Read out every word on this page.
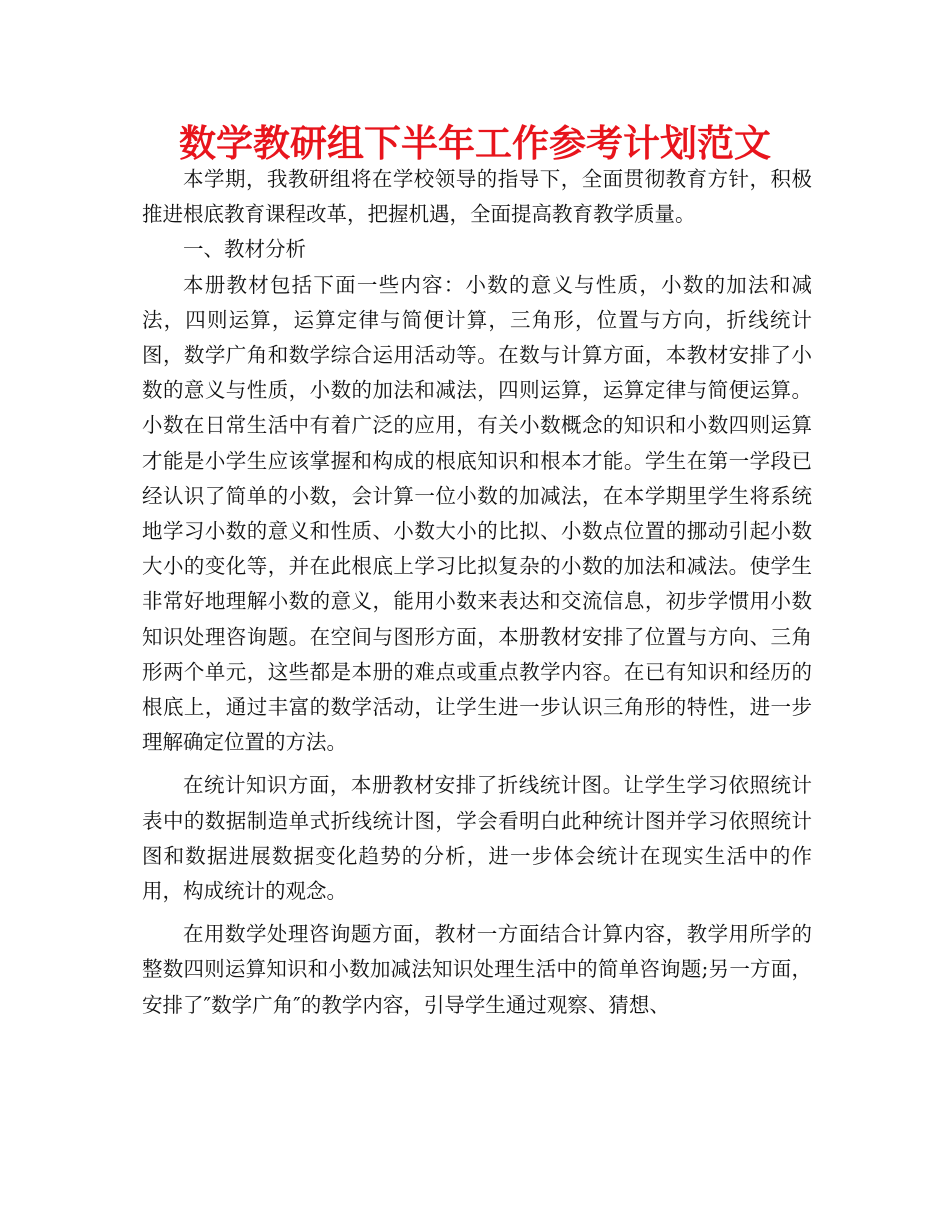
数学教研组下半年工作参考计划范文

本学期，我教研组将在学校领导的指导下，全面贯彻教育方针，积极推进根底教育课程改革，把握机遇，全面提高教育教学质量。

一、教材分析

本册教材包括下面一些内容：小数的意义与性质，小数的加法和减法，四则运算，运算定律与简便计算，三角形，位置与方向，折线统计图，数学广角和数学综合运用活动等。在数与计算方面，本教材安排了小数的意义与性质，小数的加法和减法，四则运算，运算定律与简便运算。小数在日常生活中有着广泛的应用，有关小数概念的知识和小数四则运算才能是小学生应该掌握和构成的根底知识和根本才能。学生在第一学段已经认识了简单的小数，会计算一位小数的加减法，在本学期里学生将系统地学习小数的意义和性质、小数大小的比拟、小数点位置的挪动引起小数大小的变化等，并在此根底上学习比拟复杂的小数的加法和减法。使学生非常好地理解小数的意义，能用小数来表达和交流信息，初步学惯用小数知识处理咨询题。在空间与图形方面，本册教材安排了位置与方向、三角形两个单元，这些都是本册的难点或重点教学内容。在已有知识和经历的根底上，通过丰富的数学活动，让学生进一步认识三角形的特性，进一步理解确定位置的方法。

在统计知识方面，本册教材安排了折线统计图。让学生学习依照统计表中的数据制造单式折线统计图，学会看明白此种统计图并学习依照统计图和数据进展数据变化趋势的分析，进一步体会统计在现实生活中的作用，构成统计的观念。

在用数学处理咨询题方面，教材一方面结合计算内容，教学用所学的整数四则运算知识和小数加减法知识处理生活中的简单咨询题;另一方面，安排了″数学广角″的教学内容，引导学生通过观察、猜想、
